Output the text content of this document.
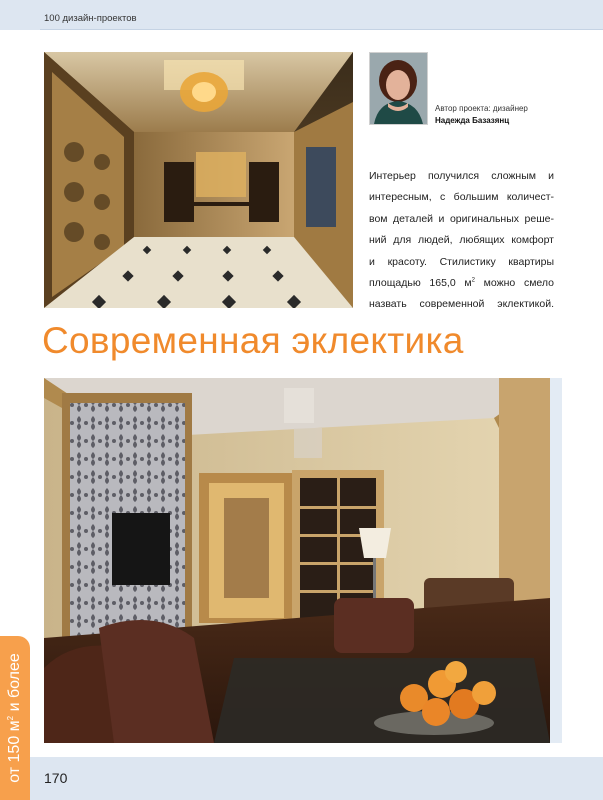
100 дизайн-проектов
Автор проекта: дизайнер
Надежда Базазянц

Интерьер получился сложным и
интересным, с большим количест-
вом деталей и оригинальных реше-
ний для людей, любящих комфорт
и красоту. Стилистику квартиры
площадью 165,0 $м^2$ можно смело
назвать современной эклектикой.

Современная эклектика
170
от 150 $м^2$ и более
